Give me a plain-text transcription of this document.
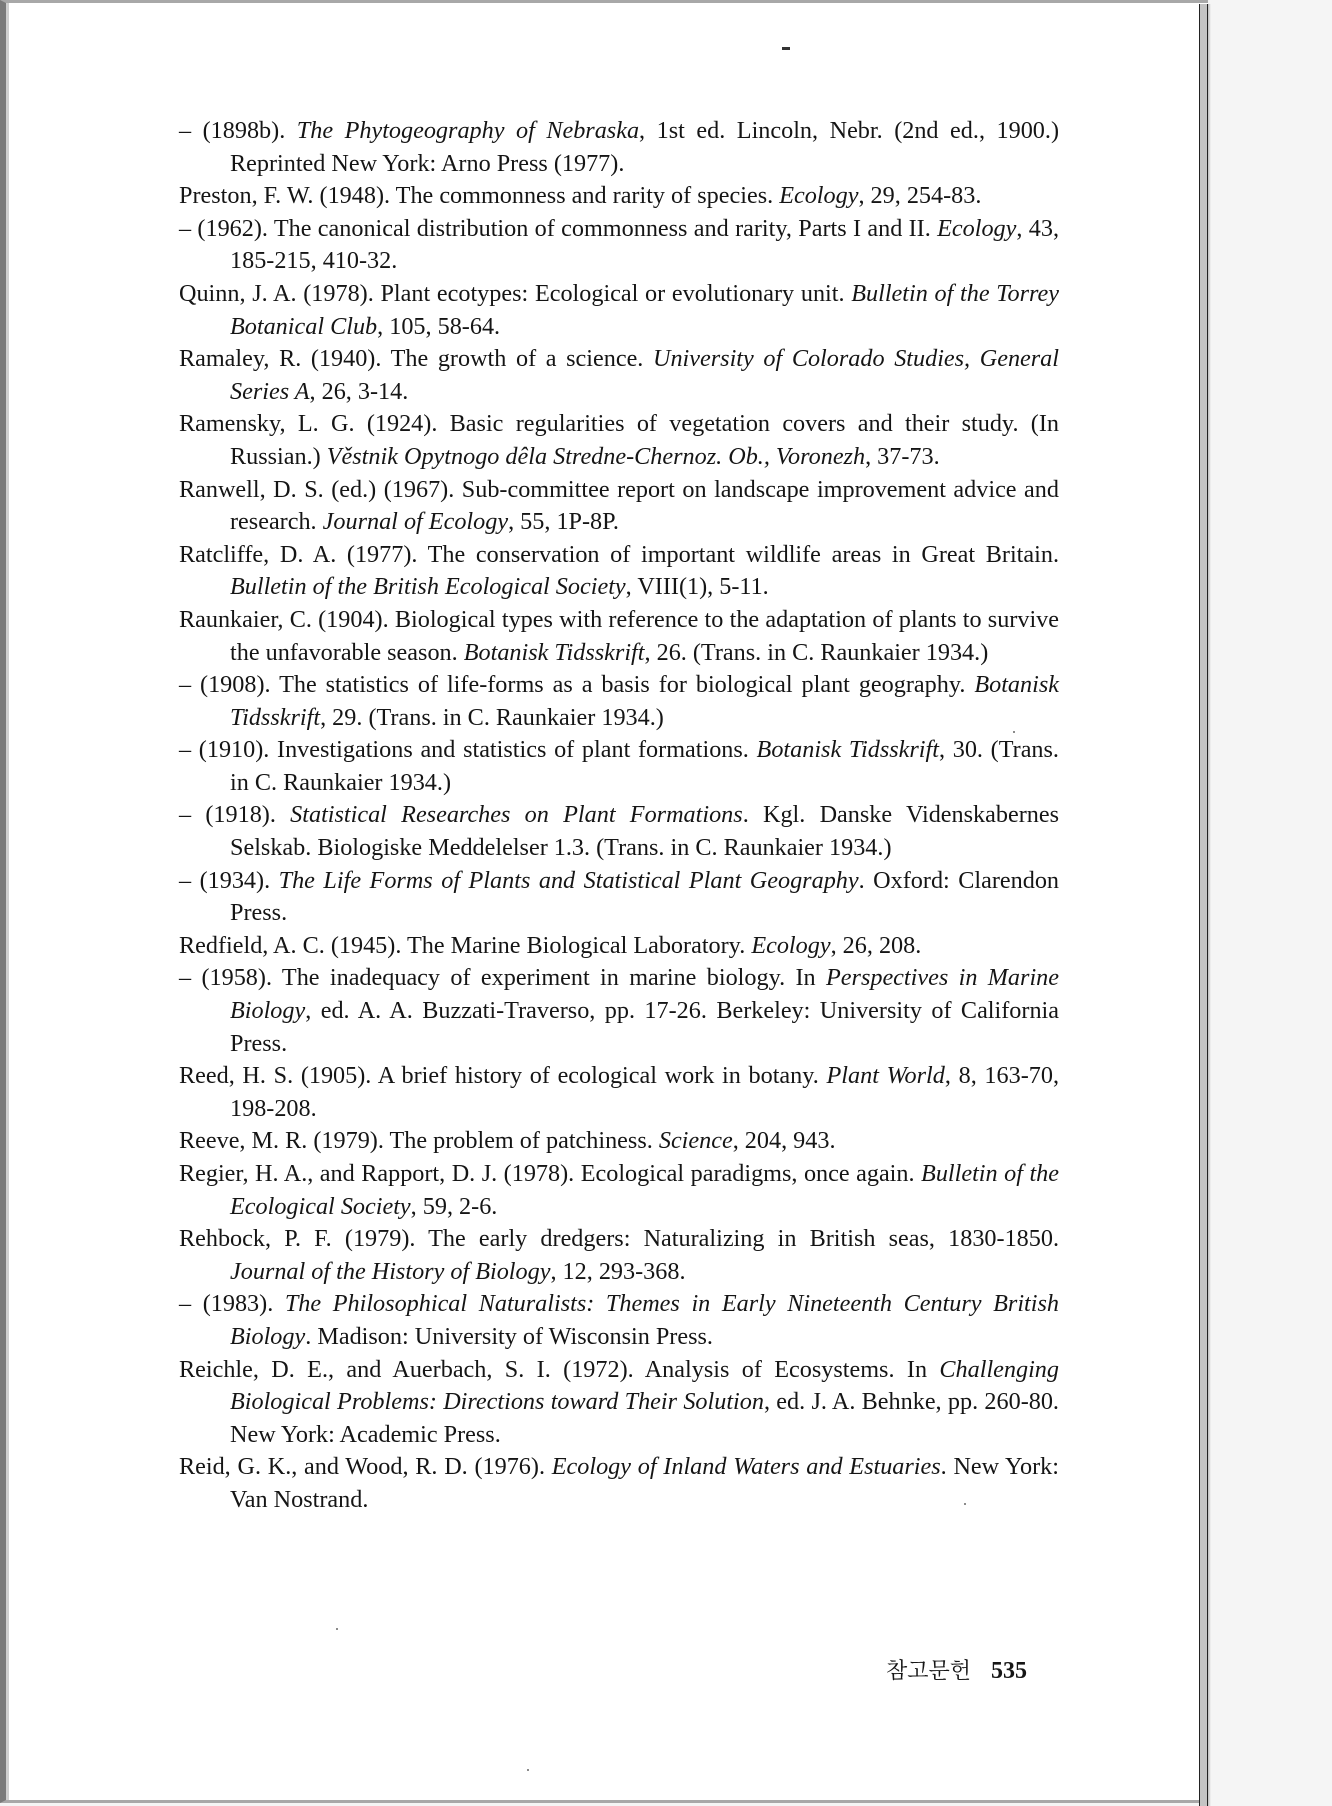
– (1898b). The Phytogeography of Nebraska, 1st ed. Lincoln, Nebr. (2nd ed., 1900.) Reprinted New York: Arno Press (1977).

Preston, F. W. (1948). The commonness and rarity of species. Ecology, 29, 254-83.

– (1962). The canonical distribution of commonness and rarity, Parts I and II. Ecology, 43, 185-215, 410-32.

Quinn, J. A. (1978). Plant ecotypes: Ecological or evolutionary unit. Bulletin of the Torrey Botanical Club, 105, 58-64.

Ramaley, R. (1940). The growth of a science. University of Colorado Studies, General Series A, 26, 3-14.

Ramensky, L. G. (1924). Basic regularities of vegetation covers and their study. (In Russian.) Věstnik Opytnogo dêla Stredne-Chernoz. Ob., Voronezh, 37-73.

Ranwell, D. S. (ed.) (1967). Sub-committee report on landscape improvement advice and research. Journal of Ecology, 55, 1P-8P.

Ratcliffe, D. A. (1977). The conservation of important wildlife areas in Great Britain. Bulletin of the British Ecological Society, VIII(1), 5-11.

Raunkaier, C. (1904). Biological types with reference to the adaptation of plants to survive the unfavorable season. Botanisk Tidsskrift, 26. (Trans. in C. Raunkaier 1934.)

– (1908). The statistics of life-forms as a basis for biological plant geography. Botanisk Tidsskrift, 29. (Trans. in C. Raunkaier 1934.)

– (1910). Investigations and statistics of plant formations. Botanisk Tidsskrift, 30. (Trans. in C. Raunkaier 1934.)

– (1918). Statistical Researches on Plant Formations. Kgl. Danske Videnskabernes Selskab. Biologiske Meddelelser 1.3. (Trans. in C. Raunkaier 1934.)

– (1934). The Life Forms of Plants and Statistical Plant Geography. Oxford: Clarendon Press.

Redfield, A. C. (1945). The Marine Biological Laboratory. Ecology, 26, 208.

– (1958). The inadequacy of experiment in marine biology. In Perspectives in Marine Biology, ed. A. A. Buzzati-Traverso, pp. 17-26. Berkeley: University of California Press.

Reed, H. S. (1905). A brief history of ecological work in botany. Plant World, 8, 163-70, 198-208.

Reeve, M. R. (1979). The problem of patchiness. Science, 204, 943.

Regier, H. A., and Rapport, D. J. (1978). Ecological paradigms, once again. Bulletin of the Ecological Society, 59, 2-6.

Rehbock, P. F. (1979). The early dredgers: Naturalizing in British seas, 1830-1850. Journal of the History of Biology, 12, 293-368.

– (1983). The Philosophical Naturalists: Themes in Early Nineteenth Century British Biology. Madison: University of Wisconsin Press.

Reichle, D. E., and Auerbach, S. I. (1972). Analysis of Ecosystems. In Challenging Biological Problems: Directions toward Their Solution, ed. J. A. Behnke, pp. 260-80. New York: Academic Press.

Reid, G. K., and Wood, R. D. (1976). Ecology of Inland Waters and Estuaries. New York: Van Nostrand.

참고문헌 535
